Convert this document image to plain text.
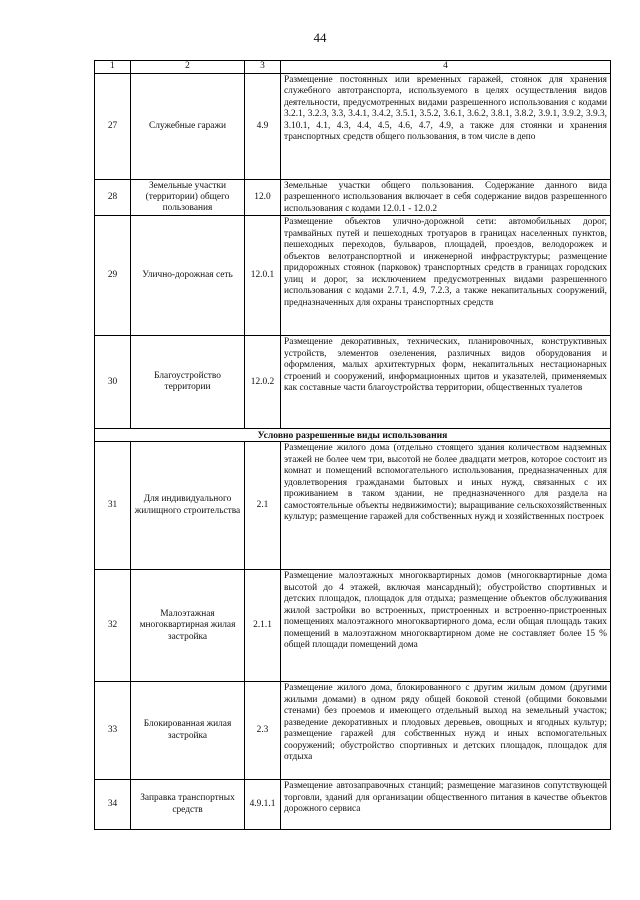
44
1	2	3	4
27	Служебные гаражи	4.9	Размещение постоянных или временных гаражей, стоянок для хранения служебного автотранспорта, используемого в целях осуществления видов деятельности, предусмотренных видами разрешенного использования с кодами 3.2.1, 3.2.3, 3.3, 3.4.1, 3.4.2, 3.5.1, 3.5.2, 3.6.1, 3.6.2, 3.8.1, 3.8.2, 3.9.1, 3.9.2, 3.9.3, 3.10.1, 4.1, 4.3, 4.4, 4.5, 4.6, 4.7, 4.9, а также для стоянки и хранения транспортных средств общего пользования, в том числе в депо
28	Земельные участки (территории) общего пользования	12.0	Земельные участки общего пользования. Содержание данного вида разрешенного использования включает в себя содержание видов разрешенного использования с кодами 12.0.1 - 12.0.2
29	Улично-дорожная сеть	12.0.1	Размещение объектов улично-дорожной сети: автомобильных дорог, трамвайных путей и пешеходных тротуаров в границах населенных пунктов, пешеходных переходов, бульваров, площадей, проездов, велодорожек и объектов велотранспортной и инженерной инфраструктуры; размещение придорожных стоянок (парковок) транспортных средств в границах городских улиц и дорог, за исключением предусмотренных видами разрешенного использования с кодами 2.7.1, 4.9, 7.2.3, а также некапитальных сооружений, предназначенных для охраны транспортных средств
30	Благоустройство территории	12.0.2	Размещение декоративных, технических, планировочных, конструктивных устройств, элементов озеленения, различных видов оборудования и оформления, малых архитектурных форм, некапитальных нестационарных строений и сооружений, информационных щитов и указателей, применяемых как составные части благоустройства территории, общественных туалетов
Условно разрешенные виды использования			
31	Для индивидуального жилищного строительства	2.1	Размещение жилого дома (отдельно стоящего здания количеством надземных этажей не более чем три, высотой не более двадцати метров, которое состоит из комнат и помещений вспомогательного использования, предназначенных для удовлетворения гражданами бытовых и иных нужд, связанных с их проживанием в таком здании, не предназначенного для раздела на самостоятельные объекты недвижимости); выращивание сельскохозяйственных культур; размещение гаражей для собственных нужд и хозяйственных построек
32	Малоэтажная многоквартирная жилая застройка	2.1.1	Размещение малоэтажных многоквартирных домов (многоквартирные дома высотой до 4 этажей, включая мансардный); обустройство спортивных и детских площадок, площадок для отдыха; размещение объектов обслуживания жилой застройки во встроенных, пристроенных и встроенно-пристроенных помещениях малоэтажного многоквартирного дома, если общая площадь таких помещений в малоэтажном многоквартирном доме не составляет более 15 % общей площади помещений дома
33	Блокированная жилая застройка	2.3	Размещение жилого дома, блокированного с другим жилым домом (другими жилыми домами) в одном ряду общей боковой стеной (общими боковыми стенами) без проемов и имеющего отдельный выход на земельный участок; разведение декоративных и плодовых деревьев, овощных и ягодных культур; размещение гаражей для собственных нужд и иных вспомогательных сооружений; обустройство спортивных и детских площадок, площадок для отдыха
34	Заправка транспортных средств	4.9.1.1	Размещение автозаправочных станций; размещение магазинов сопутствующей торговли, зданий для организации общественного питания в качестве объектов дорожного сервиса
